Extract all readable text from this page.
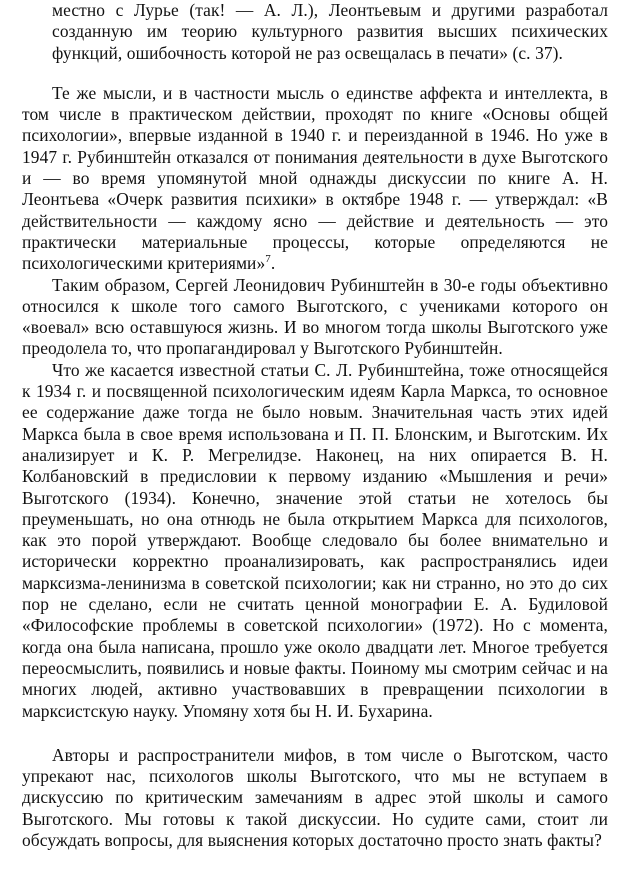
местно с Лурье (так! — А. Л.), Леонтьевым и другими разработал созданную им теорию культурного развития высших психических функций, ошибочность которой не раз освещалась в печати» (с. 37).

Те же мысли, и в частности мысль о единстве аффекта и интеллекта, в том числе в практическом действии, проходят по книге «Основы общей психологии», впервые изданной в 1940 г. и переизданной в 1946. Но уже в 1947 г. Рубинштейн отказался от понимания деятельности в духе Выготского и — во время упомянутой мной однажды дискуссии по книге А. Н. Леонтьева «Очерк развития психики» в октябре 1948 г. — утверждал: «В действительности — каждому ясно — действие и деятельность — это практически материальные процессы, которые определяются не психологическими критериями»$^7$.

Таким образом, Сергей Леонидович Рубинштейн в 30-е годы объективно относился к школе того самого Выготского, с учениками которого он «воевал» всю оставшуюся жизнь. И во многом тогда школы Выготского уже преодолела то, что пропагандировал у Выготского Рубинштейн.

Что же касается известной статьи С. Л. Рубинштейна, тоже относящейся к 1934 г. и посвященной психологическим идеям Карла Маркса, то основное ее содержание даже тогда не было новым. Значительная часть этих идей Маркса была в свое время использована и П. П. Блонским, и Выготским. Их анализирует и К. Р. Мегрелидзе. Наконец, на них опирается В. Н. Колбановский в предисловии к первому изданию «Мышления и речи» Выготского (1934). Конечно, значение этой статьи не хотелось бы преуменьшать, но она отнюдь не была открытием Маркса для психологов, как это порой утверждают. Вообще следовало бы более внимательно и исторически корректно проанализировать, как распространялись идеи марксизма-ленинизма в советской психологии; как ни странно, но это до сих пор не сделано, если не считать ценной монографии Е. А. Будиловой «Философские проблемы в советской психологии» (1972). Но с момента, когда она была написана, прошло уже около двадцати лет. Многое требуется переосмыслить, появились и новые факты. Поиному мы смотрим сейчас и на многих людей, активно участвовавших в превращении психологии в марксистскую науку. Упомяну хотя бы Н. И. Бухарина.

Авторы и распространители мифов, в том числе о Выготском, часто упрекают нас, психологов школы Выготского, что мы не вступаем в дискуссию по критическим замечаниям в адрес этой школы и самого Выготского. Мы готовы к такой дискуссии. Но судите сами, стоит ли обсуждать вопросы, для выяснения которых достаточно просто знать факты?
